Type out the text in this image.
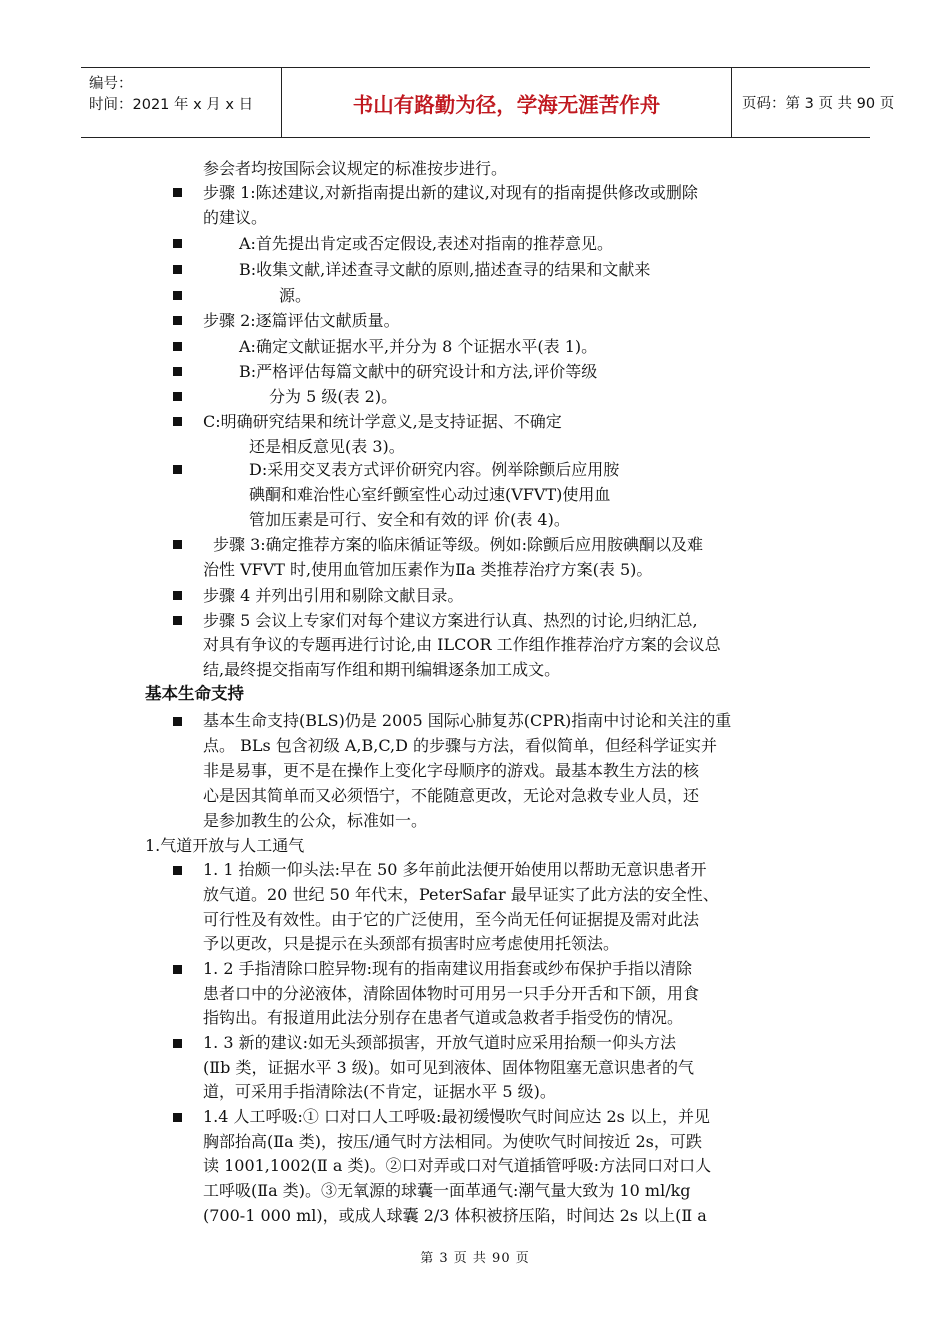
编号：
时间：2021 年 x 月 x 日	书山有路勤为径，学海无涯苦作舟	页码：第 3 页 共 90 页
参会者均按国际会议规定的标准按步进行。
步骤 1:陈述建议,对新指南提出新的建议,对现有的指南提供修改或删除
的建议。
A:首先提出肯定或否定假设,表述对指南的推荐意见。
B:收集文献,详述查寻文献的原则,描述查寻的结果和文献来
源。
步骤 2:逐篇评估文献质量。
A:确定文献证据水平,并分为 8 个证据水平(表 1)。
B:严格评估每篇文献中的研究设计和方法,评价等级
分为 5 级(表 2)。
C:明确研究结果和统计学意义,是支持证据、不确定
还是相反意见(表 3)。
D:采用交叉表方式评价研究内容。例举除颤后应用胺
碘酮和难治性心室纤颤室性心动过速(VFVT)使用血
管加压素是可行、安全和有效的评 价(表 4)。
步骤 3:确定推荐方案的临床循证等级。例如:除颤后应用胺碘酮以及难
治性 VFVT 时,使用血管加压素作为Ⅱa 类推荐治疗方案(表 5)。
步骤 4 并列出引用和剔除文献目录。
步骤 5 会议上专家们对每个建议方案进行认真、热烈的讨论,归纳汇总,
对具有争议的专题再进行讨论,由 ILCOR 工作组作推荐治疗方案的会议总
结,最终提交指南写作组和期刊编辑逐条加工成文。
基本生命支持
基本生命支持(BLS)仍是 2005 国际心肺复苏(CPR)指南中讨论和关注的重
点。 BLs 包含初级 A,B,C,D 的步骤与方法，看似简单，但经科学证实并
非是易事，更不是在操作上变化字母顺序的游戏。最基本教生方法的核
心是因其简单而又必须悟宁，不能随意更改，无论对急救专业人员，还
是参加教生的公众，标准如一。
1.气道开放与人工通气
1. 1 抬颇一仰头法:早在 50 多年前此法便开始使用以帮助无意识患者开
放气道。20 世纪 50 年代末，PeterSafar 最早证实了此方法的安全性、
可行性及有效性。由于它的广泛使用，至今尚无任何证据提及需对此法
予以更改，只是提示在头颈部有损害时应考虑使用托领法。
1. 2 手指清除口腔异物:现有的指南建议用指套或纱布保护手指以清除
患者口中的分泌液体，清除固体物时可用另一只手分开舌和下颌，用食
指钩出。有报道用此法分别存在患者气道或急救者手指受伤的情况。
1. 3 新的建议:如无头颈部损害，开放气道时应采用抬颓一仰头方法
(Ⅱb 类，证据水平 3 级)。如可见到液体、固体物阻塞无意识患者的气
道，可采用手指清除法(不肯定，证据水平 5 级)。
1.4 人工呼吸:① 口对口人工呼吸:最初缓慢吹气时间应达 2s 以上，并见
胸部抬高(Ⅱa 类)，按压/通气时方法相同。为使吹气时间按近 2s，可跌
读 1001,1002(Ⅱ a 类)。②口对弄或口对气道插管呼吸:方法同口对口人
工呼吸(Ⅱa 类)。③无氧源的球囊一面革通气:潮气量大致为 10 ml/kg
(700-1 000 ml)，或成人球囊 2/3 体积被挤压陷，时间达 2s 以上(Ⅱ a
第 3 页 共 90 页
